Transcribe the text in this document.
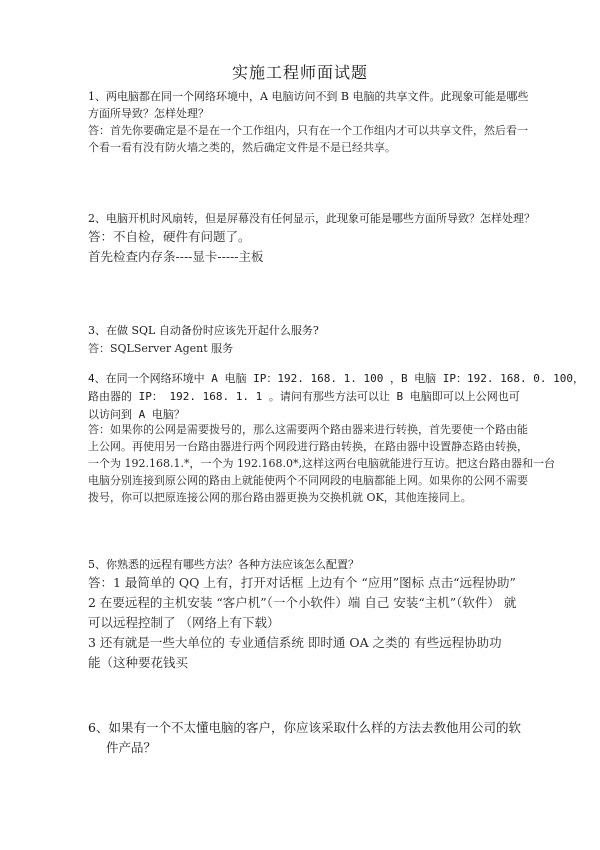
实施工程师面试题
1、两电脑都在同一个网络环境中，A 电脑访问不到 B 电脑的共享文件。此现象可能是哪些
方面所导致？怎样处理？
答：首先你要确定是不是在一个工作组内，只有在一个工作组内才可以共享文件，然后看一
个看一看有没有防火墙之类的，然后确定文件是不是已经共享。
2、电脑开机时风扇转，但是屏幕没有任何显示，此现象可能是哪些方面所导致？怎样处理？
答：不自检，硬件有问题了。
首先检查内存条----显卡-----主板
3、在做 SQL 自动备份时应该先开起什么服务?
答：SQLServer Agent 服务
4、在同一个网络环境中 A 电脑 IP：192. 168. 1. 100 ，B 电脑 IP：192. 168. 0. 100，
路由器的 IP： 192. 168. 1. 1 。请问有那些方法可以让 B 电脑即可以上公网也可
以访问到 A 电脑？
答：如果你的公网是需要拨号的，那么这需要两个路由器来进行转换，首先要使一个路由能
上公网。再使用另一台路由器进行两个网段进行路由转换，在路由器中设置静态路由转换，
一个为 192.168.1.*，一个为 192.168.0*,这样这两台电脑就能进行互访。把这台路由器和一台
电脑分别连接到原公网的路由上就能使两个不同网段的电脑都能上网。如果你的公网不需要
拨号，你可以把原连接公网的那台路由器更换为交换机就 OK，其他连接同上。
5、你熟悉的远程有哪些方法？各种方法应该怎么配置？
答：1 最简单的 QQ 上有，打开对话框 上边有个 “应用”图标 点击“远程协助”
2 在要远程的主机安装 “客户机”（一个小软件）端 自己 安装“主机”（软件） 就
可以远程控制了 （网络上有下载）
3 还有就是一些大单位的 专业通信系统 即时通 OA 之类的 有些远程协助功
能（这种要花钱买
6、如果有一个不太懂电脑的客户，你应该采取什么样的方法去教他用公司的软
件产品？
